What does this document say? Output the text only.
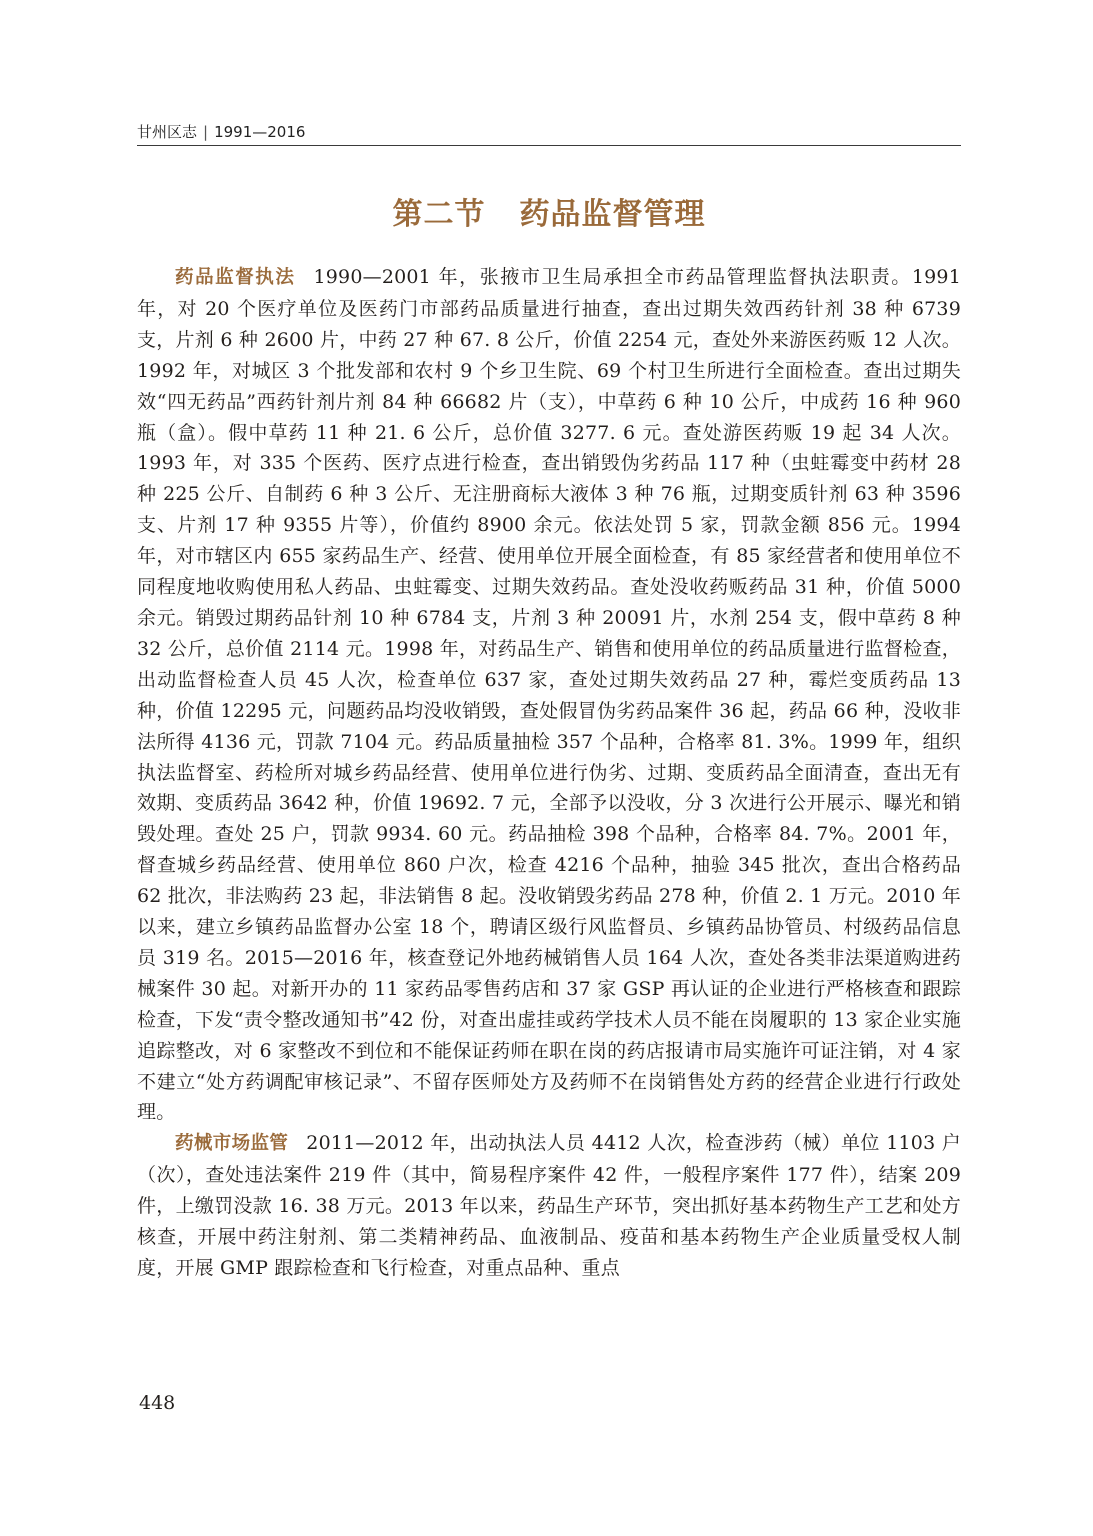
甘州区志 | 1991—2016
第二节 药品监督管理

药品监督执法 1990—2001 年，张掖市卫生局承担全市药品管理监督执法职责。1991 年，对 20 个医疗单位及医药门市部药品质量进行抽查，查出过期失效西药针剂 38 种 6739 支，片剂 6 种 2600 片，中药 27 种 67. 8 公斤，价值 2254 元，查处外来游医药贩 12 人次。1992 年，对城区 3 个批发部和农村 9 个乡卫生院、69 个村卫生所进行全面检查。查出过期失效“四无药品”西药针剂片剂 84 种 66682 片（支），中草药 6 种 10 公斤，中成药 16 种 960 瓶（盒）。假中草药 11 种 21. 6 公斤，总价值 3277. 6 元。查处游医药贩 19 起 34 人次。1993 年，对 335 个医药、医疗点进行检查，查出销毁伪劣药品 117 种（虫蛀霉变中药材 28 种 225 公斤、自制药 6 种 3 公斤、无注册商标大液体 3 种 76 瓶，过期变质针剂 63 种 3596 支、片剂 17 种 9355 片等），价值约 8900 余元。依法处罚 5 家，罚款金额 856 元。1994 年，对市辖区内 655 家药品生产、经营、使用单位开展全面检查，有 85 家经营者和使用单位不同程度地收购使用私人药品、虫蛀霉变、过期失效药品。查处没收药贩药品 31 种，价值 5000 余元。销毁过期药品针剂 10 种 6784 支，片剂 3 种 20091 片，水剂 254 支，假中草药 8 种 32 公斤，总价值 2114 元。1998 年，对药品生产、销售和使用单位的药品质量进行监督检查，出动监督检查人员 45 人次，检查单位 637 家，查处过期失效药品 27 种，霉烂变质药品 13 种，价值 12295 元，问题药品均没收销毁，查处假冒伪劣药品案件 36 起，药品 66 种，没收非法所得 4136 元，罚款 7104 元。药品质量抽检 357 个品种，合格率 81. 3%。1999 年，组织执法监督室、药检所对城乡药品经营、使用单位进行伪劣、过期、变质药品全面清查，查出无有效期、变质药品 3642 种，价值 19692. 7 元，全部予以没收，分 3 次进行公开展示、曝光和销毁处理。查处 25 户，罚款 9934. 60 元。药品抽检 398 个品种，合格率 84. 7%。2001 年，督查城乡药品经营、使用单位 860 户次，检查 4216 个品种，抽验 345 批次，查出合格药品 62 批次，非法购药 23 起，非法销售 8 起。没收销毁劣药品 278 种，价值 2. 1 万元。2010 年以来，建立乡镇药品监督办公室 18 个，聘请区级行风监督员、乡镇药品协管员、村级药品信息员 319 名。2015—2016 年，核查登记外地药械销售人员 164 人次，查处各类非法渠道购进药械案件 30 起。对新开办的 11 家药品零售药店和 37 家 GSP 再认证的企业进行严格核查和跟踪检查，下发“责令整改通知书”42 份，对查出虚挂或药学技术人员不能在岗履职的 13 家企业实施追踪整改，对 6 家整改不到位和不能保证药师在职在岗的药店报请市局实施许可证注销，对 4 家不建立“处方药调配审核记录”、不留存医师处方及药师不在岗销售处方药的经营企业进行行政处理。

药械市场监管 2011—2012 年，出动执法人员 4412 人次，检查涉药（械）单位 1103 户（次），查处违法案件 219 件（其中，简易程序案件 42 件，一般程序案件 177 件），结案 209 件，上缴罚没款 16. 38 万元。2013 年以来，药品生产环节，突出抓好基本药物生产工艺和处方核查，开展中药注射剂、第二类精神药品、血液制品、疫苗和基本药物生产企业质量受权人制度，开展 GMP 跟踪检查和飞行检查，对重点品种、重点

448
